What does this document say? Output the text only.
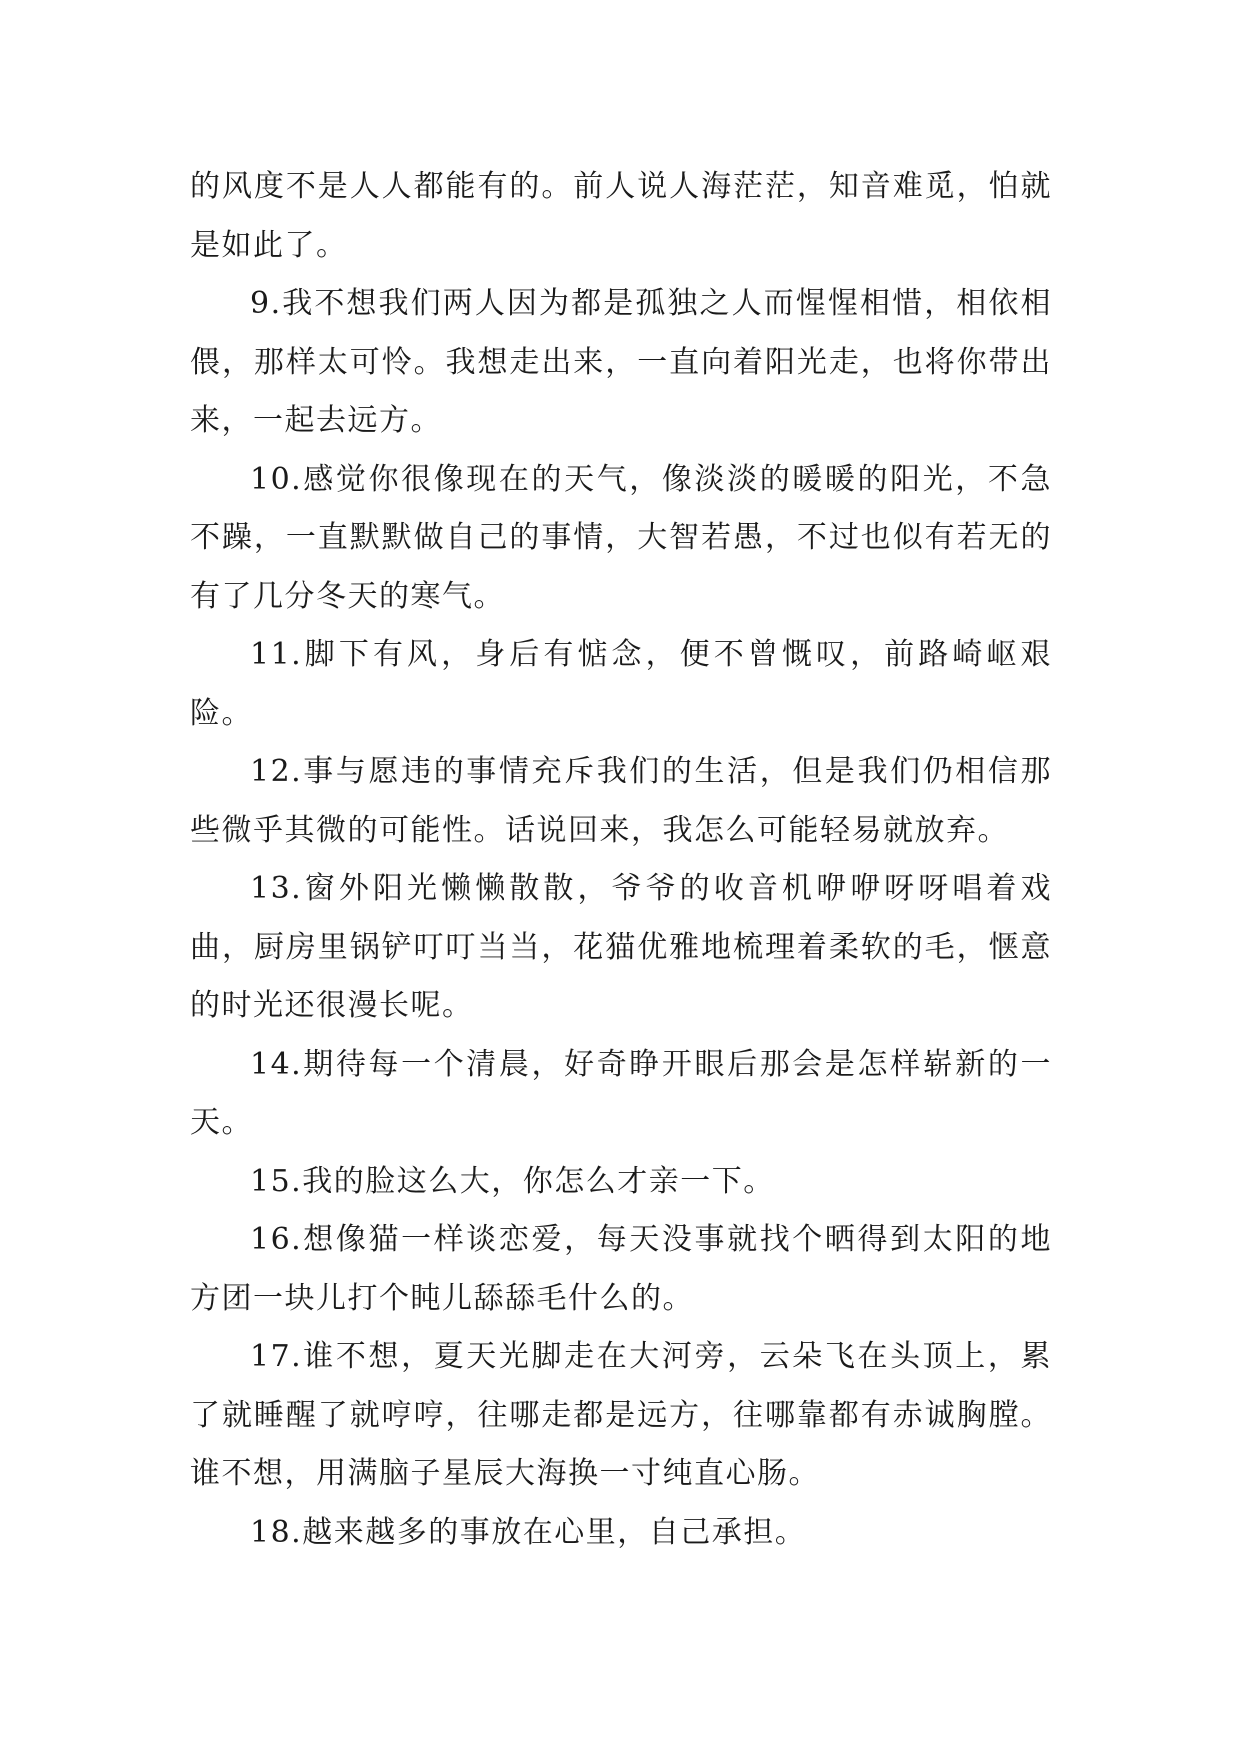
的风度不是人人都能有的。前人说人海茫茫，知音难觅，怕就是如此了。

9.我不想我们两人因为都是孤独之人而惺惺相惜，相依相偎，那样太可怜。我想走出来，一直向着阳光走，也将你带出来，一起去远方。

10.感觉你很像现在的天气，像淡淡的暖暖的阳光，不急不躁，一直默默做自己的事情，大智若愚，不过也似有若无的有了几分冬天的寒气。

11.脚下有风，身后有惦念，便不曾慨叹，前路崎岖艰险。

12.事与愿违的事情充斥我们的生活，但是我们仍相信那些微乎其微的可能性。话说回来，我怎么可能轻易就放弃。

13.窗外阳光懒懒散散，爷爷的收音机咿咿呀呀唱着戏曲，厨房里锅铲叮叮当当，花猫优雅地梳理着柔软的毛，惬意的时光还很漫长呢。

14.期待每一个清晨，好奇睁开眼后那会是怎样崭新的一天。

15.我的脸这么大，你怎么才亲一下。

16.想像猫一样谈恋爱，每天没事就找个晒得到太阳的地方团一块儿打个盹儿舔舔毛什么的。

17.谁不想，夏天光脚走在大河旁，云朵飞在头顶上，累了就睡醒了就哼哼，往哪走都是远方，往哪靠都有赤诚胸膛。谁不想，用满脑子星辰大海换一寸纯直心肠。

18.越来越多的事放在心里，自己承担。
